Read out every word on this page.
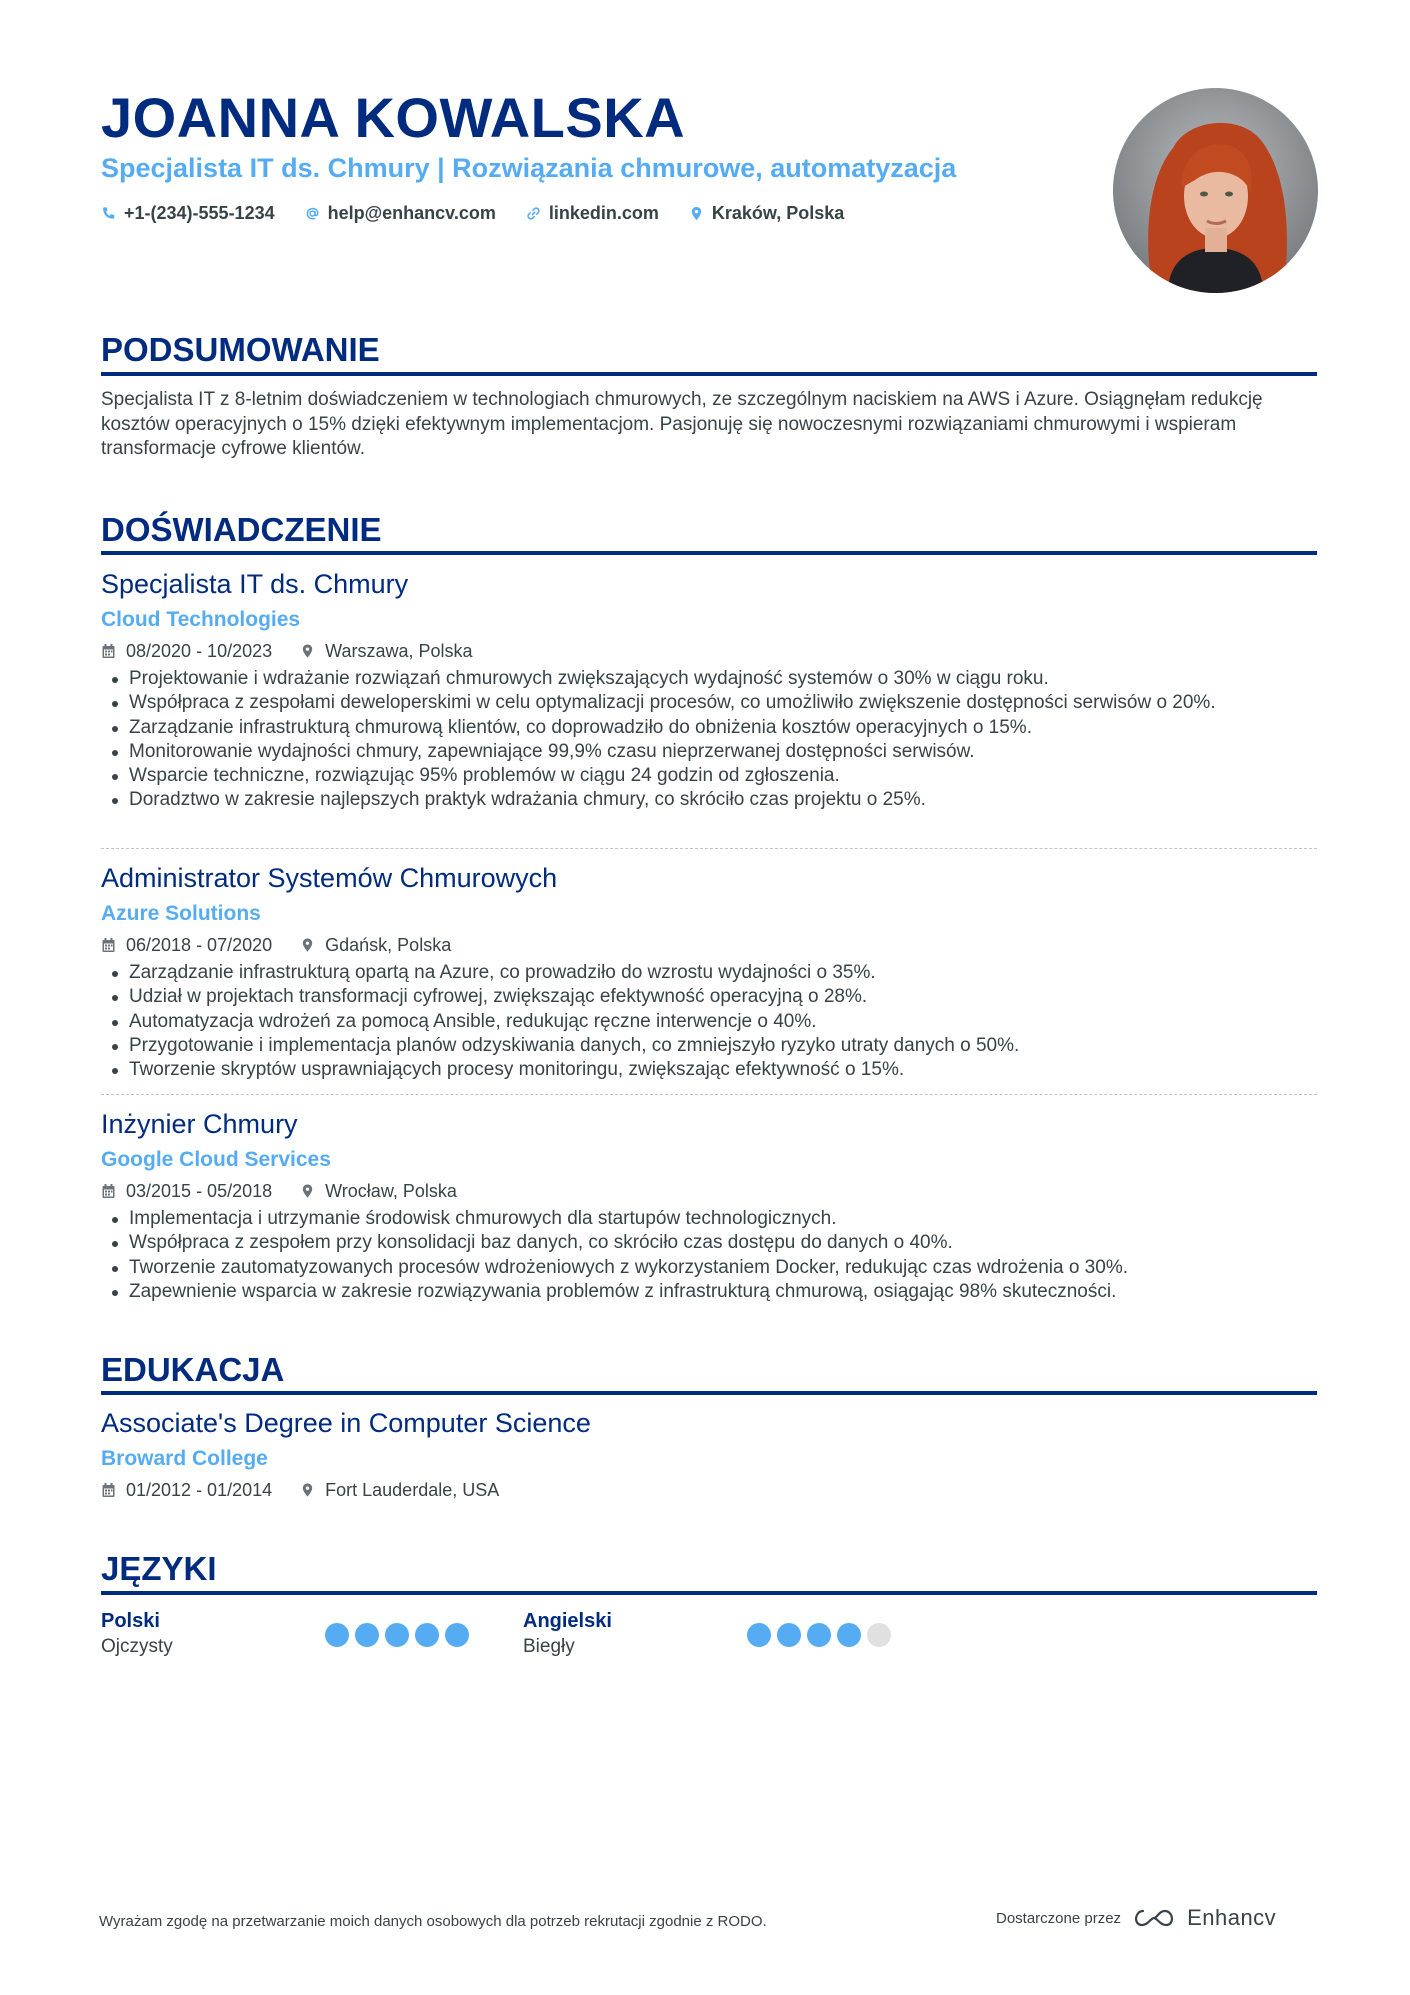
JOANNA KOWALSKA

Specjalista IT ds. Chmury | Rozwiązania chmurowe, automatyzacja

+1-(234)-555-1234	help@enhancv.com	linkedin.com	Kraków, Polska
PODSUMOWANIE

Specjalista IT z 8-letnim doświadczeniem w technologiach chmurowych, ze szczególnym naciskiem na AWS i Azure. Osiągnęłam redukcję kosztów operacyjnych o 15% dzięki efektywnym implementacjom. Pasjonuję się nowoczesnymi rozwiązaniami chmurowymi i wspieram transformacje cyfrowe klientów.

DOŚWIADCZENIE
Specjalista IT ds. Chmury

Cloud Technologies

08/2020 - 10/2023	Warszawa, Polska
Projektowanie i wdrażanie rozwiązań chmurowych zwiększających wydajność systemów o 30% w ciągu roku.
Współpraca z zespołami deweloperskimi w celu optymalizacji procesów, co umożliwiło zwiększenie dostępności serwisów o 20%.
Zarządzanie infrastrukturą chmurową klientów, co doprowadziło do obniżenia kosztów operacyjnych o 15%.
Monitorowanie wydajności chmury, zapewniające 99,9% czasu nieprzerwanej dostępności serwisów.
Wsparcie techniczne, rozwiązując 95% problemów w ciągu 24 godzin od zgłoszenia.
Doradztwo w zakresie najlepszych praktyk wdrażania chmury, co skróciło czas projektu o 25%.
Administrator Systemów Chmurowych

Azure Solutions

06/2018 - 07/2020	Gdańsk, Polska
Zarządzanie infrastrukturą opartą na Azure, co prowadziło do wzrostu wydajności o 35%.
Udział w projektach transformacji cyfrowej, zwiększając efektywność operacyjną o 28%.
Automatyzacja wdrożeń za pomocą Ansible, redukując ręczne interwencje o 40%.
Przygotowanie i implementacja planów odzyskiwania danych, co zmniejszyło ryzyko utraty danych o 50%.
Tworzenie skryptów usprawniających procesy monitoringu, zwiększając efektywność o 15%.
Inżynier Chmury

Google Cloud Services

03/2015 - 05/2018	Wrocław, Polska
Implementacja i utrzymanie środowisk chmurowych dla startupów technologicznych.
Współpraca z zespołem przy konsolidacji baz danych, co skróciło czas dostępu do danych o 40%.
Tworzenie zautomatyzowanych procesów wdrożeniowych z wykorzystaniem Docker, redukując czas wdrożenia o 30%.
Zapewnienie wsparcia w zakresie rozwiązywania problemów z infrastrukturą chmurową, osiągając 98% skuteczności.
EDUKACJA
Associate's Degree in Computer Science

Broward College

01/2012 - 01/2014	Fort Lauderdale, USA
JĘZYKI

Polski

Ojczysty

Angielski

Biegły

Wyrażam zgodę na przetwarzanie moich danych osobowych dla potrzeb rekrutacji zgodnie z RODO.	Dostarczone przez	Enhancv
